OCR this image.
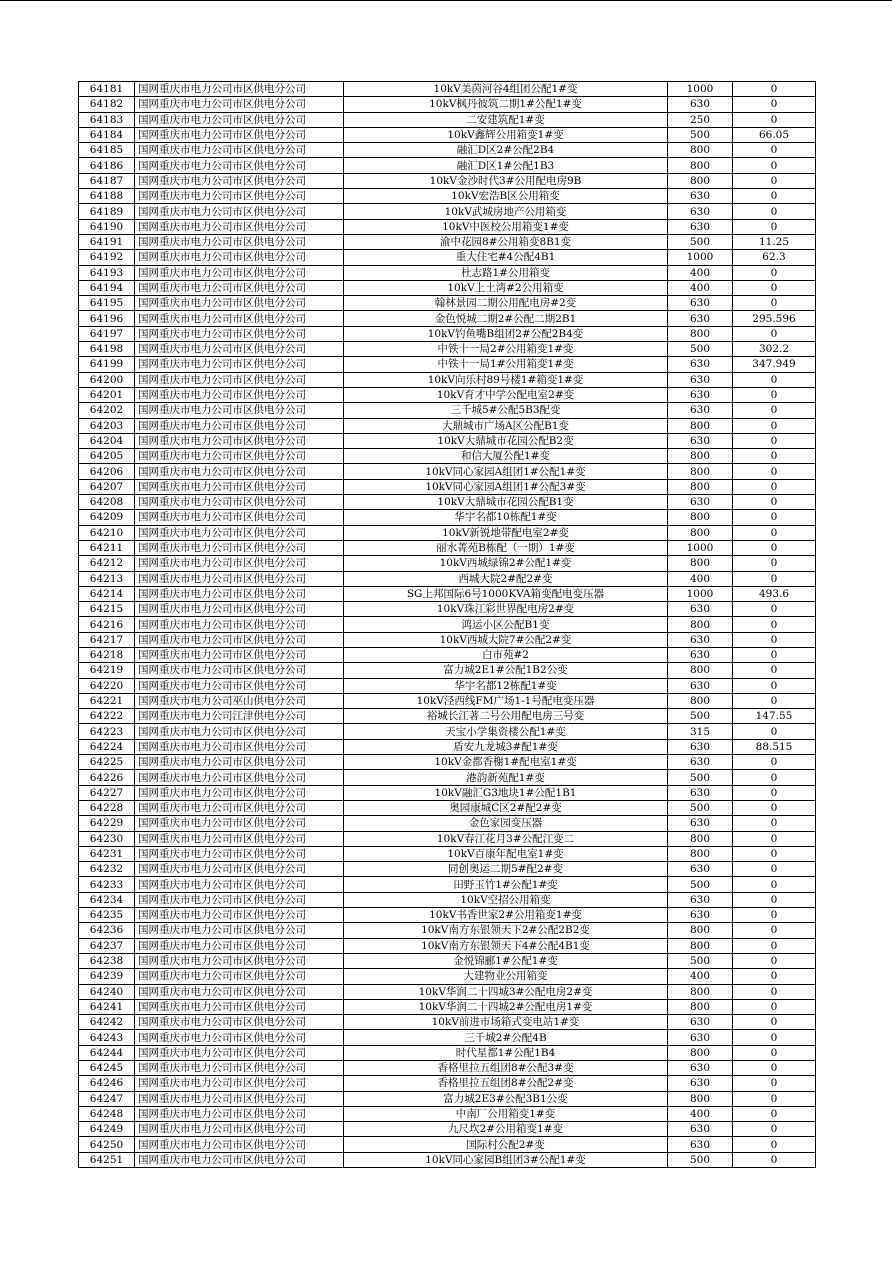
64181	国网重庆市电力公司市区供电分公司	10kV美茵河谷4组团公配1#变	1000	0
64182	国网重庆市电力公司市区供电分公司	10kV枫丹彼筑二期1#公配1#变	630	0
64183	国网重庆市电力公司市区供电分公司	二安建筑配1#变	250	0
64184	国网重庆市电力公司市区供电分公司	10kV鑫辉公用箱变1#变	500	66.05
64185	国网重庆市电力公司市区供电分公司	融汇D区2#公配2B4	800	0
64186	国网重庆市电力公司市区供电分公司	融汇D区1#公配1B3	800	0
64187	国网重庆市电力公司市区供电分公司	10kV金沙时代3#公用配电房9B	800	0
64188	国网重庆市电力公司市区供电分公司	10kV宏浩B区公用箱变	630	0
64189	国网重庆市电力公司市区供电分公司	10kV武城房地产公用箱变	630	0
64190	国网重庆市电力公司市区供电分公司	10kV中医校公用箱变1#变	630	0
64191	国网重庆市电力公司市区供电分公司	渝中花园8#公用箱变8B1变	500	11.25
64192	国网重庆市电力公司市区供电分公司	重大住宅#4公配4B1	1000	62.3
64193	国网重庆市电力公司市区供电分公司	杜志路1#公用箱变	400	0
64194	国网重庆市电力公司市区供电分公司	10kV上土湾#2公用箱变	400	0
64195	国网重庆市电力公司市区供电分公司	翰林景园二期公用配电房#2变	630	0
64196	国网重庆市电力公司市区供电分公司	金色悦城二期2#公配二期2B1	630	295.596
64197	国网重庆市电力公司市区供电分公司	10kV钓鱼嘴B组团2#公配2B4变	800	0
64198	国网重庆市电力公司市区供电分公司	中铁十一局2#公用箱变1#变	500	302.2
64199	国网重庆市电力公司市区供电分公司	中铁十一局1#公用箱变1#变	630	347.949
64200	国网重庆市电力公司市区供电分公司	10kV向乐村89号楼1#箱变1#变	630	0
64201	国网重庆市电力公司市区供电分公司	10kV育才中学公配电室2#变	630	0
64202	国网重庆市电力公司市区供电分公司	三千城5#公配5B3配变	630	0
64203	国网重庆市电力公司市区供电分公司	大鼎城市广场A区公配B1变	800	0
64204	国网重庆市电力公司市区供电分公司	10kV大鼎城市花园公配B2变	630	0
64205	国网重庆市电力公司市区供电分公司	和信大厦公配1#变	800	0
64206	国网重庆市电力公司市区供电分公司	10kV同心家园A组团1#公配1#变	800	0
64207	国网重庆市电力公司市区供电分公司	10kV同心家园A组团1#公配3#变	800	0
64208	国网重庆市电力公司市区供电分公司	10kV大鼎城市花园公配B1变	630	0
64209	国网重庆市电力公司市区供电分公司	华宇名都10栋配1#变	800	0
64210	国网重庆市电力公司市区供电分公司	10kV新锐地带配电室2#变	800	0
64211	国网重庆市电力公司市区供电分公司	丽水菁苑B栋配（一期）1#变	1000	0
64212	国网重庆市电力公司市区供电分公司	10kV西城绿锦2#公配1#变	800	0
64213	国网重庆市电力公司市区供电分公司	西城大院2#配2#变	400	0
64214	国网重庆市电力公司市区供电分公司	SG上邦国际6号1000KVA箱变配电变压器	1000	493.6
64215	国网重庆市电力公司市区供电分公司	10kV珠江彩世界配电房2#变	630	0
64216	国网重庆市电力公司市区供电分公司	鸿运小区公配B1变	800	0
64217	国网重庆市电力公司市区供电分公司	10kV西城大院7#公配2#变	630	0
64218	国网重庆市电力公司市区供电分公司	白市苑#2	630	0
64219	国网重庆市电力公司市区供电分公司	富力城2E1#公配1B2公变	800	0
64220	国网重庆市电力公司市区供电分公司	华宇名都12栋配1#变	630	0
64221	国网重庆市电力公司巫山供电分公司	10kV泾西线FM广场1-1号配电变压器	800	0
64222	国网重庆市电力公司江津供电分公司	裕城长江著二号公用配电房三号变	500	147.55
64223	国网重庆市电力公司市区供电分公司	天宝小学集资楼公配1#变	315	0
64224	国网重庆市电力公司市区供电分公司	盾安九龙城3#配1#变	630	88.515
64225	国网重庆市电力公司市区供电分公司	10kV金都香榭1#配电室1#变	630	0
64226	国网重庆市电力公司市区供电分公司	港韵新苑配1#变	500	0
64227	国网重庆市电力公司市区供电分公司	10kV融汇G3地块1#公配1B1	630	0
64228	国网重庆市电力公司市区供电分公司	奥园康城C区2#配2#变	500	0
64229	国网重庆市电力公司市区供电分公司	金色家园变压器	630	0
64230	国网重庆市电力公司市区供电分公司	10kV春江花月3#公配江变二	800	0
64231	国网重庆市电力公司市区供电分公司	10kV百康年配电室1#变	800	0
64232	国网重庆市电力公司市区供电分公司	同创奥运二期5#配2#变	630	0
64233	国网重庆市电力公司市区供电分公司	田野玉竹1#公配1#变	500	0
64234	国网重庆市电力公司市区供电分公司	10kV空招公用箱变	630	0
64235	国网重庆市电力公司市区供电分公司	10kV书香世家2#公用箱变1#变	630	0
64236	国网重庆市电力公司市区供电分公司	10kV南方东银领天下2#公配2B2变	800	0
64237	国网重庆市电力公司市区供电分公司	10kV南方东银领天下4#公配4B1变	800	0
64238	国网重庆市电力公司市区供电分公司	金悦锦郦1#公配1#变	500	0
64239	国网重庆市电力公司市区供电分公司	大建物业公用箱变	400	0
64240	国网重庆市电力公司市区供电分公司	10kV华润二十四城3#公配电房2#变	800	0
64241	国网重庆市电力公司市区供电分公司	10kV华润二十四城2#公配电房1#变	800	0
64242	国网重庆市电力公司市区供电分公司	10kV前进市场箱式变电站1#变	630	0
64243	国网重庆市电力公司市区供电分公司	三千城2#公配4B	630	0
64244	国网重庆市电力公司市区供电分公司	时代星都1#公配1B4	800	0
64245	国网重庆市电力公司市区供电分公司	香格里拉五组团8#公配3#变	630	0
64246	国网重庆市电力公司市区供电分公司	香格里拉五组团8#公配2#变	630	0
64247	国网重庆市电力公司市区供电分公司	富力城2E3#公配3B1公变	800	0
64248	国网重庆市电力公司市区供电分公司	中南厂公用箱变1#变	400	0
64249	国网重庆市电力公司市区供电分公司	九尺坎2#公用箱变1#变	630	0
64250	国网重庆市电力公司市区供电分公司	国际村公配2#变	630	0
64251	国网重庆市电力公司市区供电分公司	10kV同心家园B组团3#公配1#变	500	0
